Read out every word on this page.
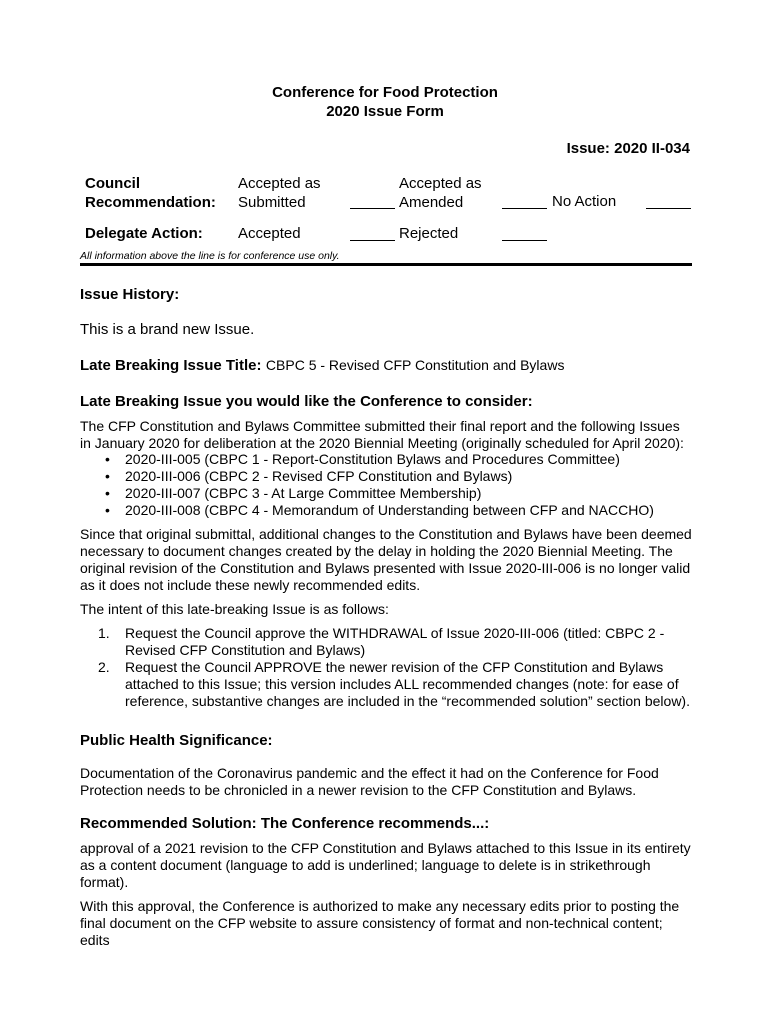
Conference for Food Protection
2020 Issue Form
Issue: 2020 II-034
Council
Recommendation:
Accepted as
Submitted
Accepted as
Amended	No Action
Delegate Action: Accepted	Rejected
All information above the line is for conference use only.
Issue History:
This is a brand new Issue.
Late Breaking Issue Title: CBPC 5 - Revised CFP Constitution and Bylaws
Late Breaking Issue you would like the Conference to consider:
The CFP Constitution and Bylaws Committee submitted their final report and the following Issues in January 2020 for deliberation at the 2020 Biennial Meeting (originally scheduled for April 2020):
• 2020-III-005 (CBPC 1 - Report-Constitution Bylaws and Procedures Committee)
• 2020-III-006 (CBPC 2 - Revised CFP Constitution and Bylaws)
• 2020-III-007 (CBPC 3 - At Large Committee Membership)
• 2020-III-008 (CBPC 4 - Memorandum of Understanding between CFP and NACCHO)
Since that original submittal, additional changes to the Constitution and Bylaws have been deemed necessary to document changes created by the delay in holding the 2020 Biennial Meeting. The original revision of the Constitution and Bylaws presented with Issue 2020-III-006 is no longer valid as it does not include these newly recommended edits.
The intent of this late-breaking Issue is as follows:
1. Request the Council approve the WITHDRAWAL of Issue 2020-III-006 (titled: CBPC 2 - Revised CFP Constitution and Bylaws)
2. Request the Council APPROVE the newer revision of the CFP Constitution and Bylaws attached to this Issue; this version includes ALL recommended changes (note: for ease of reference, substantive changes are included in the “recommended solution” section below).
Public Health Significance:
Documentation of the Coronavirus pandemic and the effect it had on the Conference for Food Protection needs to be chronicled in a newer revision to the CFP Constitution and Bylaws.
Recommended Solution: The Conference recommends...:
approval of a 2021 revision to the CFP Constitution and Bylaws attached to this Issue in its entirety as a content document (language to add is underlined; language to delete is in strikethrough format).
With this approval, the Conference is authorized to make any necessary edits prior to posting the final document on the CFP website to assure consistency of format and non-technical content; edits
